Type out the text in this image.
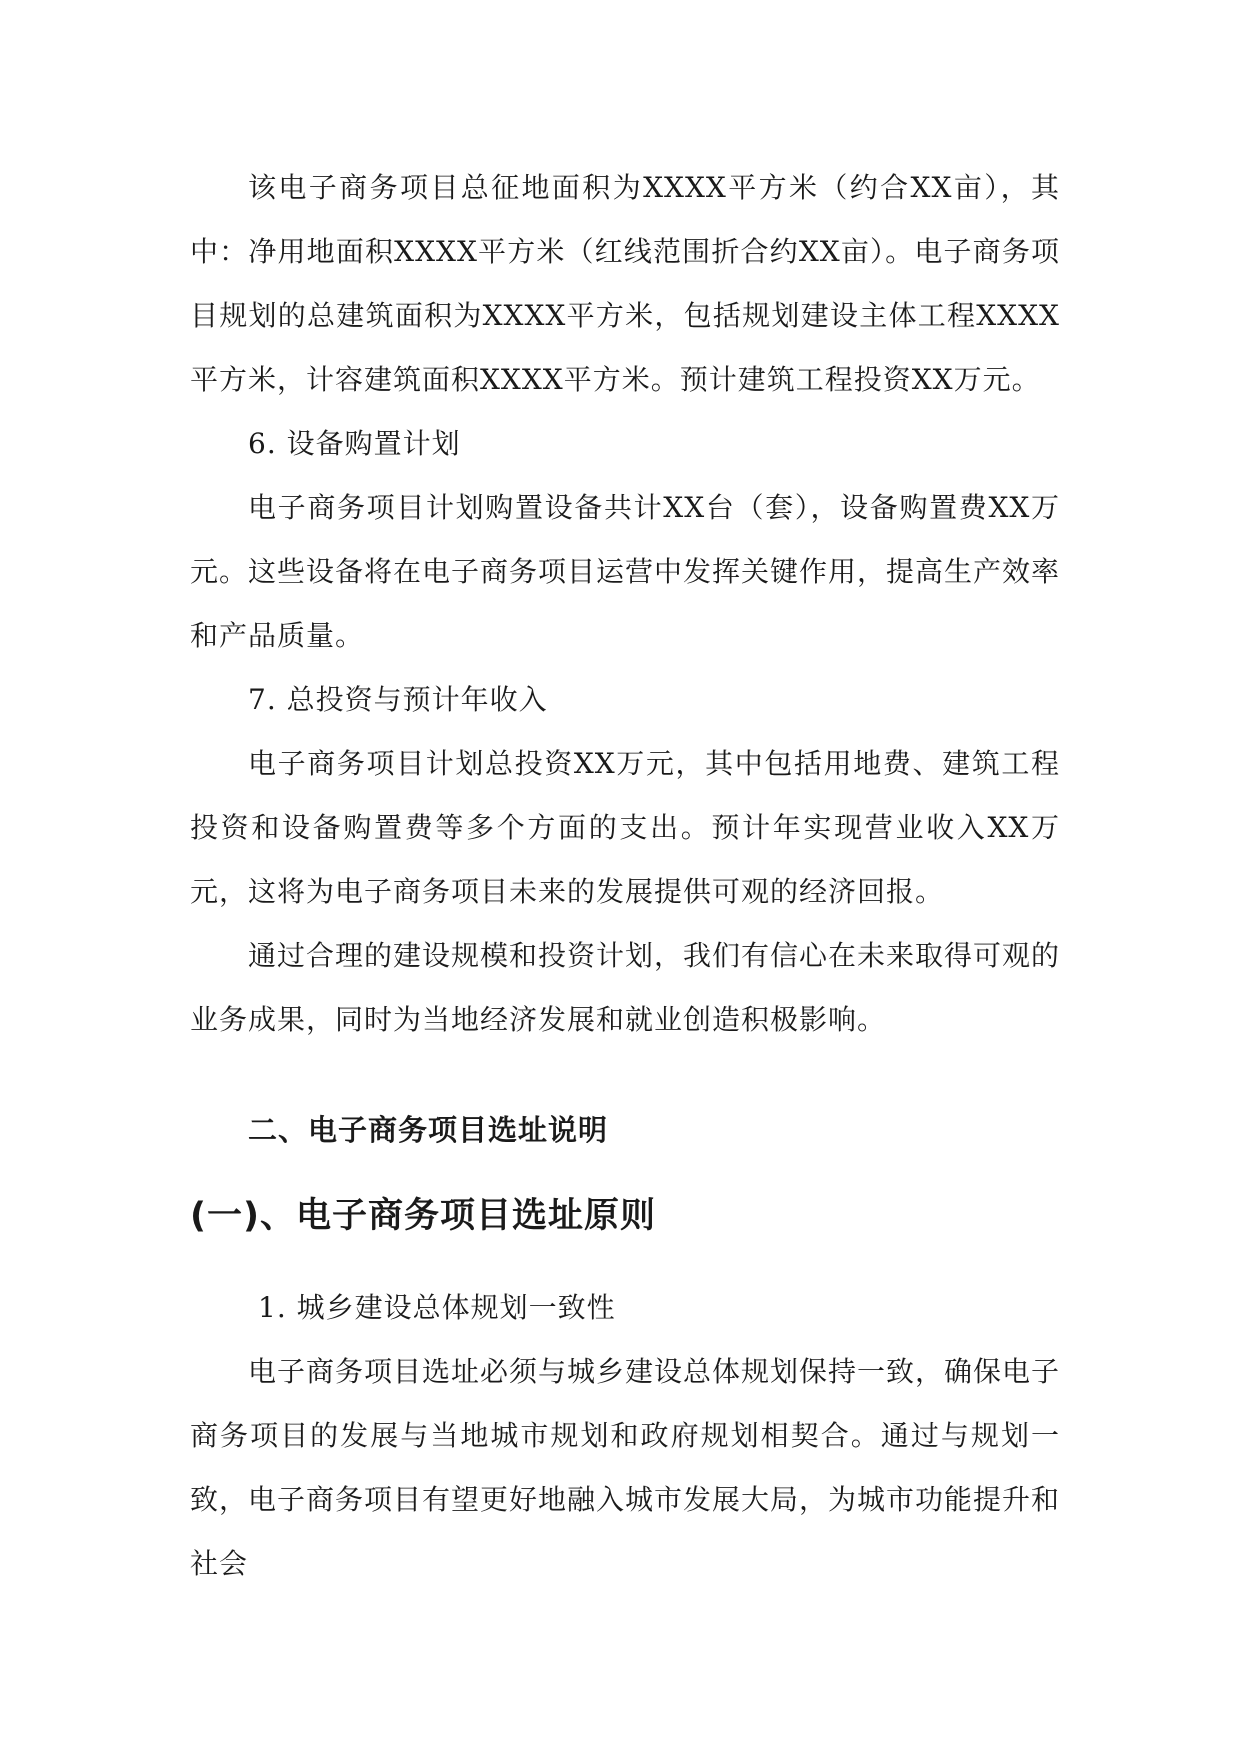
该电子商务项目总征地面积为XXXX平方米（约合XX亩），其中：净用地面积XXXX平方米（红线范围折合约XX亩）。电子商务项目规划的总建筑面积为XXXX平方米，包括规划建设主体工程XXXX平方米，计容建筑面积XXXX平方米。预计建筑工程投资XX万元。

6. 设备购置计划

电子商务项目计划购置设备共计XX台（套），设备购置费XX万元。这些设备将在电子商务项目运营中发挥关键作用，提高生产效率和产品质量。

7. 总投资与预计年收入

电子商务项目计划总投资XX万元，其中包括用地费、建筑工程投资和设备购置费等多个方面的支出。预计年实现营业收入XX万元，这将为电子商务项目未来的发展提供可观的经济回报。

通过合理的建设规模和投资计划，我们有信心在未来取得可观的业务成果，同时为当地经济发展和就业创造积极影响。

二、电子商务项目选址说明
(一)、电子商务项目选址原则

1. 城乡建设总体规划一致性

电子商务项目选址必须与城乡建设总体规划保持一致，确保电子商务项目的发展与当地城市规划和政府规划相契合。通过与规划一致，电子商务项目有望更好地融入城市发展大局，为城市功能提升和社会
